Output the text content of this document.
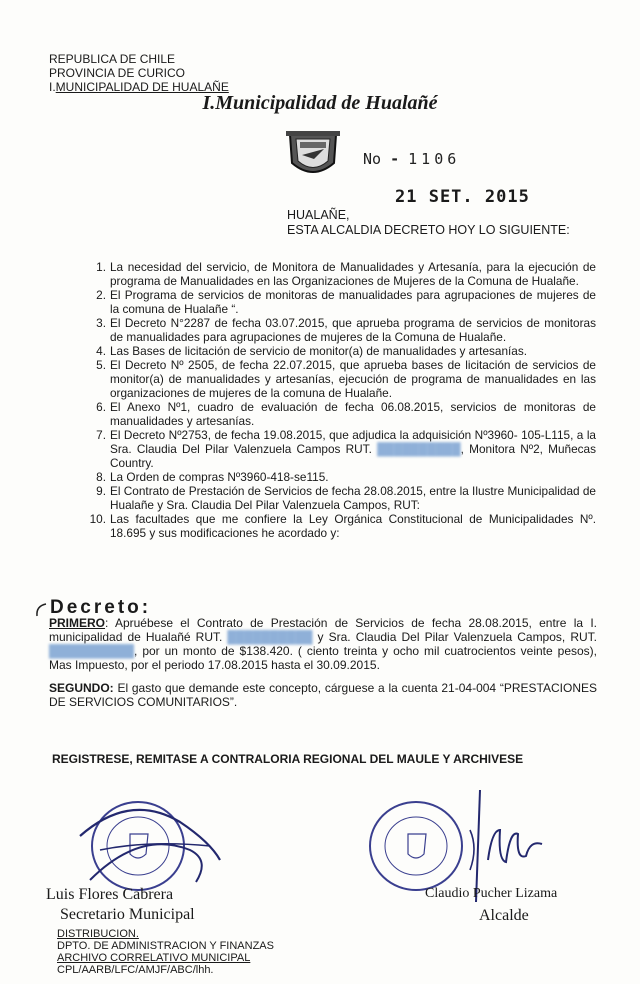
REPUBLICA DE CHILE
PROVINCIA DE CURICO
I.MUNICIPALIDAD DE HUALAÑE
I.Municipalidad de Hualañé
No - 1106
21 SET. 2015
HUALAÑE,
ESTA ALCALDIA DECRETO HOY LO SIGUIENTE:
1. La necesidad del servicio, de Monitora de Manualidades y Artesanía, para la ejecución de programa de Manualidades en las Organizaciones de Mujeres de la Comuna de Hualañe.
2. El Programa de servicios de monitoras de manualidades para agrupaciones de mujeres de la comuna de Hualañe “.
3. El Decreto N°2287 de fecha 03.07.2015, que aprueba programa de servicios de monitoras de manualidades para agrupaciones de mujeres de la Comuna de Hualañe.
4. Las Bases de licitación de servicio de monitor(a) de manualidades y artesanías.
5. El Decreto Nº 2505, de fecha 22.07.2015, que aprueba bases de licitación de servicios de monitor(a) de manualidades y artesanías, ejecución de programa de manualidades en las organizaciones de mujeres de la comuna de Hualañe.
6. El Anexo Nº1, cuadro de evaluación de fecha 06.08.2015, servicios de monitoras de manualidades y artesanías.
7. El Decreto Nº2753, de fecha 19.08.2015, que adjudica la adquisición Nº3960- 105-L115, a la Sra. Claudia Del Pilar Valenzuela Campos RUT. ██████████, Monitora Nº2, Muñecas Country.
8. La Orden de compras Nº3960-418-se115.
9. El Contrato de Prestación de Servicios de fecha 28.08.2015, entre la Ilustre Municipalidad de Hualañe y Sra. Claudia Del Pilar Valenzuela Campos, RUT:
10. Las facultades que me confiere la Ley Orgánica Constitucional de Municipalidades Nº. 18.695 y sus modificaciones he acordado y:
Decreto:
PRIMERO: Apruébese el Contrato de Prestación de Servicios de fecha 28.08.2015, entre la I. municipalidad de Hualañé RUT. ██████████ y Sra. Claudia Del Pilar Valenzuela Campos, RUT. ██████████, por un monto de $138.420. ( ciento treinta y ocho mil cuatrocientos veinte pesos), Mas Impuesto, por el periodo 17.08.2015 hasta el 30.09.2015.
SEGUNDO: El gasto que demande este concepto, cárguese a la cuenta 21-04-004 “PRESTACIONES DE SERVICIOS COMUNITARIOS”.
REGISTRESE, REMITASE A CONTRALORIA REGIONAL DEL MAULE Y ARCHIVESE
Luis Flores Cabrera
Secretario Municipal
Claudio Pucher Lizama
Alcalde
DISTRIBUCION.
DPTO. DE ADMINISTRACION Y FINANZAS
ARCHIVO CORRELATIVO MUNICIPAL
CPL/AARB/LFC/AMJF/ABC/lhh.
